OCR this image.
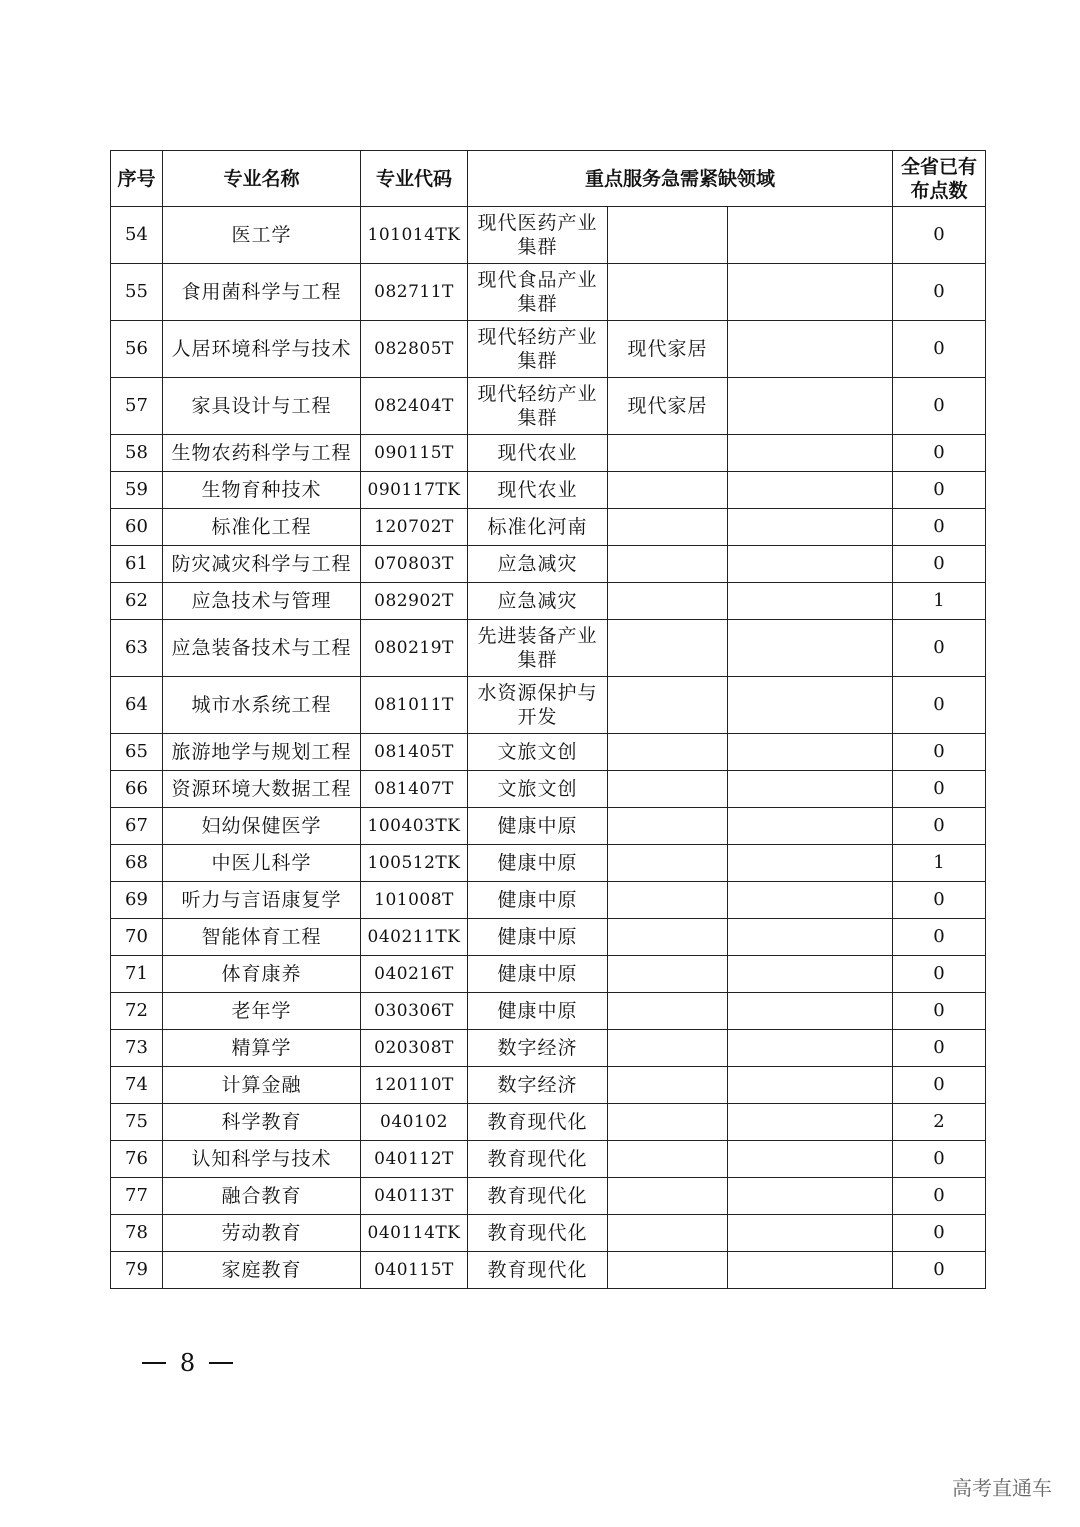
序号	专业名称	专业代码	重点服务急需紧缺领域			全省已有布点数
54	医工学	101014TK	现代医药产业集群			0
55	食用菌科学与工程	082711T	现代食品产业集群			0
56	人居环境科学与技术	082805T	现代轻纺产业集群	现代家居		0
57	家具设计与工程	082404T	现代轻纺产业集群	现代家居		0
58	生物农药科学与工程	090115T	现代农业			0
59	生物育种技术	090117TK	现代农业			0
60	标准化工程	120702T	标准化河南			0
61	防灾减灾科学与工程	070803T	应急减灾			0
62	应急技术与管理	082902T	应急减灾			1
63	应急装备技术与工程	080219T	先进装备产业集群			0
64	城市水系统工程	081011T	水资源保护与开发			0
65	旅游地学与规划工程	081405T	文旅文创			0
66	资源环境大数据工程	081407T	文旅文创			0
67	妇幼保健医学	100403TK	健康中原			0
68	中医儿科学	100512TK	健康中原			1
69	听力与言语康复学	101008T	健康中原			0
70	智能体育工程	040211TK	健康中原			0
71	体育康养	040216T	健康中原			0
72	老年学	030306T	健康中原			0
73	精算学	020308T	数字经济			0
74	计算金融	120110T	数字经济			0
75	科学教育	040102	教育现代化			2
76	认知科学与技术	040112T	教育现代化			0
77	融合教育	040113T	教育现代化			0
78	劳动教育	040114TK	教育现代化			0
79	家庭教育	040115T	教育现代化			0
8
高考直通车
